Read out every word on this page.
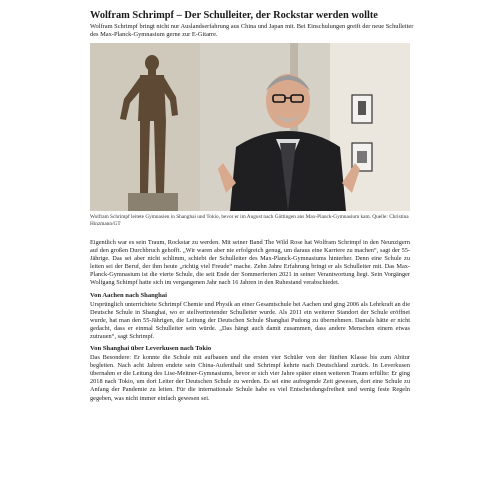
Wolfram Schrimpf – Der Schulleiter, der Rockstar werden wollte
Wolfram Schrimpf bringt nicht nur Auslandserfahrung aus China und Japan mit. Bei Einschulungen greift der neue Schulleiter des Max-Planck-Gymnasium gerne zur E-Gitarre.
Wolfram Schrimpf leitete Gymnasien in Shanghai und Tokio, bevor er im August nach Göttingen ans Max-Planck-Gymnasium kam. Quelle: Christina Hinzmann/GT

Eigentlich war es sein Traum, Rockstar zu werden. Mit seiner Band The Wild Rose hat Wolfram Schrimpf in den Neunzigern auf den großen Durchbruch gehofft. „Wir waren aber nie erfolgreich genug, um daraus eine Karriere zu machen“, sagt der 55-Jährige. Das sei aber nicht schlimm, schiebt der Schulleiter des Max-Planck-Gymnasiums hinterher. Denn eine Schule zu leiten sei der Beruf, der ihm heute „richtig viel Freude“ mache. Zehn Jahre Erfahrung bringt er als Schulleiter mit. Das Max-Planck-Gymnasium ist die vierte Schule, die seit Ende der Sommerferien 2021 in seiner Verantwortung liegt. Sein Vorgänger Wolfgang Schimpf hatte sich im vergangenen Jahr nach 16 Jahren in den Ruhestand verabschiedet.

Von Aachen nach Shanghai

Ursprünglich unterrichtete Schrimpf Chemie und Physik an einer Gesamtschule bei Aachen und ging 2006 als Lehrkraft an die Deutsche Schule in Shanghai, wo er stellvertretender Schulleiter wurde. Als 2011 ein weiterer Standort der Schule eröffnet wurde, hat man den 55-Jährigen, die Leitung der Deutschen Schule Shanghai Pudong zu übernehmen. Damals hätte er nicht gedacht, dass er einmal Schulleiter sein würde. „Das hängt auch damit zusammen, dass andere Menschen einem etwas zutrauen“, sagt Schrimpf.

Von Shanghai über Leverkusen nach Tokio

Das Besondere: Er konnte die Schule mit aufbauen und die ersten vier Schüler von der fünften Klasse bis zum Abitur begleiten. Nach acht Jahren endete sein China-Aufenthalt und Schrimpf kehrte nach Deutschland zurück. In Leverkusen übernahm er die Leitung des Lise-Meitner-Gymnasiums, bevor er sich vier Jahre später einen weiteren Traum erfüllte: Er ging 2018 nach Tokio, um dort Leiter der Deutschen Schule zu werden. Es sei eine aufregende Zeit gewesen, dort eine Schule zu Anfang der Pandemie zu leiten. Für die internationale Schule habe es viel Entscheidungsfreiheit und wenig feste Regeln gegeben, was nicht immer einfach gewesen sei.
